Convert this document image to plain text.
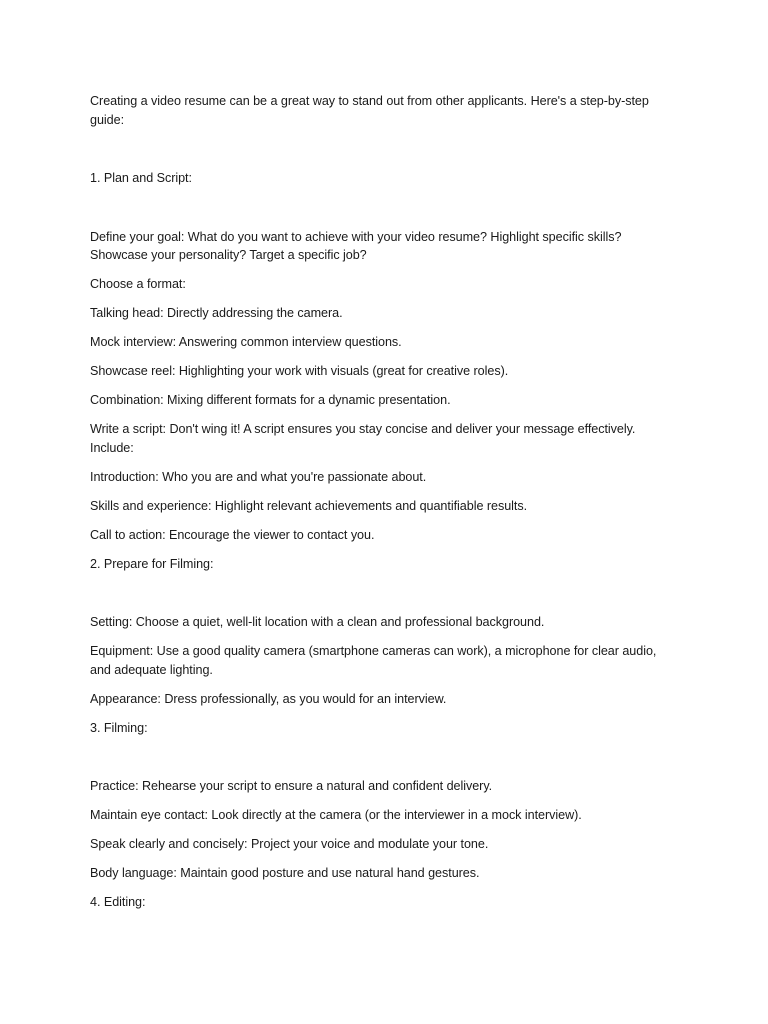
Creating a video resume can be a great way to stand out from other applicants. Here's a step-by-step guide:

1. Plan and Script:

Define your goal: What do you want to achieve with your video resume? Highlight specific skills? Showcase your personality? Target a specific job?

Choose a format:

Talking head: Directly addressing the camera.

Mock interview: Answering common interview questions.

Showcase reel: Highlighting your work with visuals (great for creative roles).

Combination: Mixing different formats for a dynamic presentation.

Write a script: Don't wing it! A script ensures you stay concise and deliver your message effectively. Include:

Introduction: Who you are and what you're passionate about.

Skills and experience: Highlight relevant achievements and quantifiable results.

Call to action: Encourage the viewer to contact you.

2. Prepare for Filming:

Setting: Choose a quiet, well-lit location with a clean and professional background.

Equipment: Use a good quality camera (smartphone cameras can work), a microphone for clear audio, and adequate lighting.

Appearance: Dress professionally, as you would for an interview.

3. Filming:

Practice: Rehearse your script to ensure a natural and confident delivery.

Maintain eye contact: Look directly at the camera (or the interviewer in a mock interview).

Speak clearly and concisely: Project your voice and modulate your tone.

Body language: Maintain good posture and use natural hand gestures.

4. Editing:
